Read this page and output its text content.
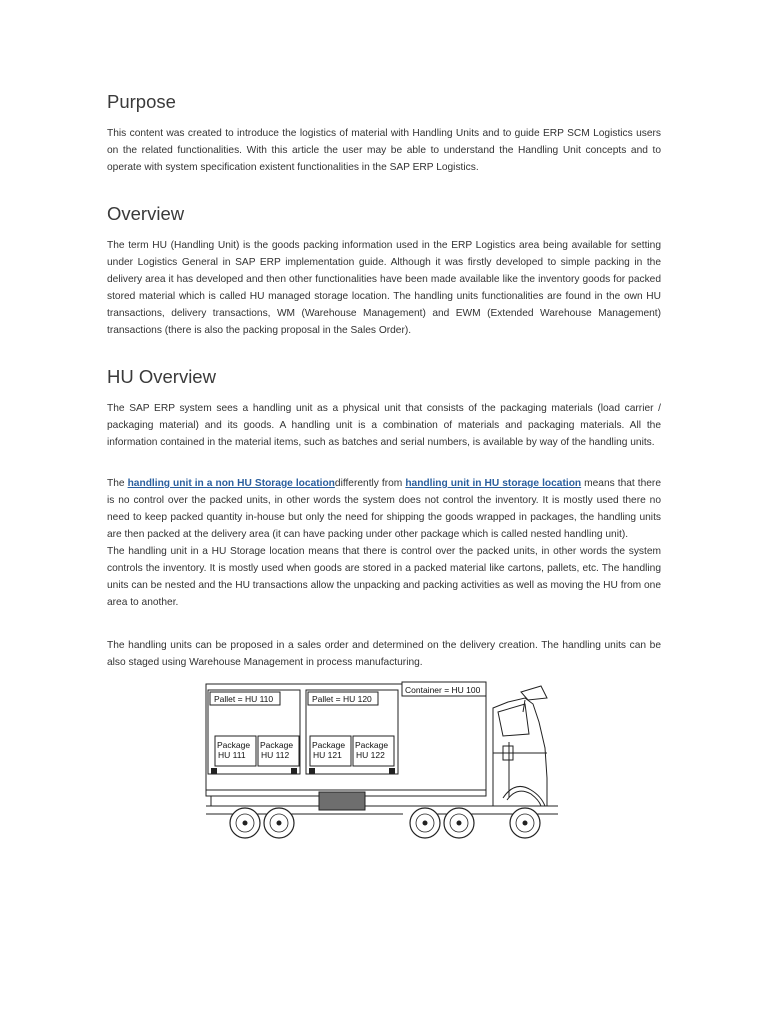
Purpose

This content was created to introduce the logistics of material with Handling Units and to guide ERP SCM Logistics users on the related functionalities. With this article the user may be able to understand the Handling Unit concepts and to operate with system specification existent functionalities in the SAP ERP Logistics.

Overview

The term HU (Handling Unit) is the goods packing information used in the ERP Logistics area being available for setting under Logistics General in SAP ERP implementation guide. Although it was firstly developed to simple packing in the delivery area it has developed and then other functionalities have been made available like the inventory goods for packed stored material which is called HU managed storage location. The handling units functionalities are found in the own HU transactions, delivery transactions, WM (Warehouse Management) and EWM (Extended Warehouse Management) transactions (there is also the packing proposal in the Sales Order).

HU Overview

The SAP ERP system sees a handling unit as a physical unit that consists of the packaging materials (load carrier / packaging material) and its goods. A handling unit is a combination of materials and packaging materials. All the information contained in the material items, such as batches and serial numbers, is available by way of the handling units.

The handling unit in a non HU Storage locationdifferently from handling unit in HU storage location means that there is no control over the packed units, in other words the system does not control the inventory. It is mostly used there no need to keep packed quantity in-house but only the need for shipping the goods wrapped in packages, the handling units are then packed at the delivery area (it can have packing under other package which is called nested handling unit).
The handling unit in a HU Storage location means that there is control over the packed units, in other words the system controls the inventory. It is mostly used when goods are stored in a packed material like cartons, pallets, etc. The handling units can be nested and the HU transactions allow the unpacking and packing activities as well as moving the HU from one area to another.

The handling units can be proposed in a sales order and determined on the delivery creation. The handling units can be also staged using Warehouse Management in process manufacturing.

Container = HU 100
Pallet = HU 110	Pallet = HU 120
Package
HU 111
Package
HU 112
Package
HU 121
Package
HU 122
